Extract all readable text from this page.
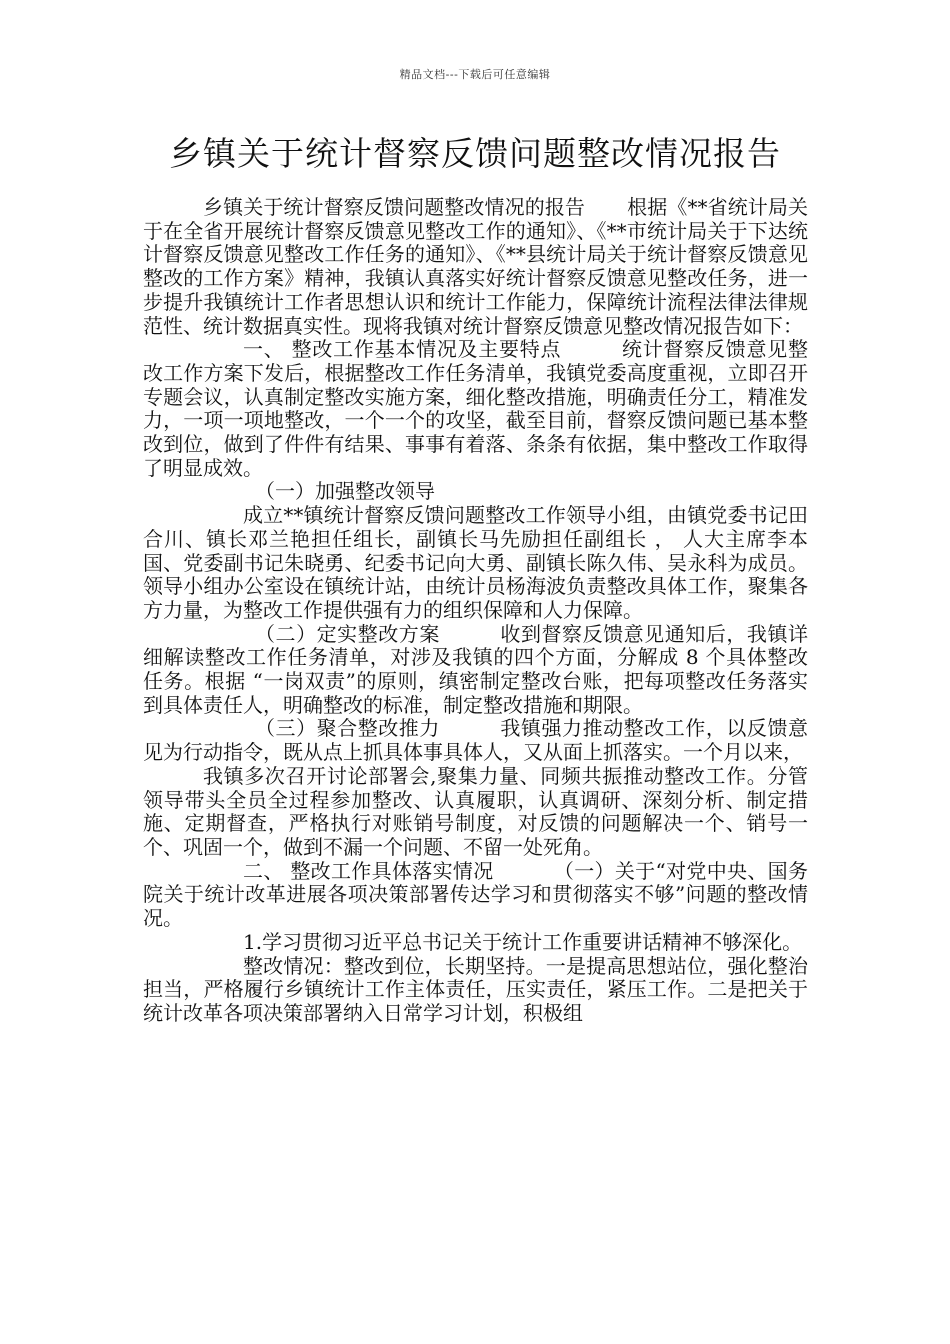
精品文档---下载后可任意编辑
乡镇关于统计督察反馈问题整改情况报告

乡镇关于统计督察反馈问题整改情况的报告 根据《**省统计局关于在全省开展统计督察反馈意见整改工作的通知》、《**市统计局关于下达统计督察反馈意见整改工作任务的通知》、《**县统计局关于统计督察反馈意见整改的工作方案》精神，我镇认真落实好统计督察反馈意见整改任务，进一步提升我镇统计工作者思想认识和统计工作能力，保障统计流程法律法律规范性、统计数据真实性。现将我镇对统计督察反馈意见整改情况报告如下：

一、 整改工作基本情况及主要特点	统计督察反馈意见整改工作方案下发后，根据整改工作任务清单，我镇党委高度重视，立即召开专题会议，认真制定整改实施方案，细化整改措施，明确责任分工，精准发力，一项一项地整改，一个一个的攻坚，截至目前，督察反馈问题已基本整改到位，做到了件件有结果、事事有着落、条条有依据，集中整改工作取得了明显成效。

（一）加强整改领导

成立**镇统计督察反馈问题整改工作领导小组，由镇党委书记田合川、镇长邓兰艳担任组长，副镇长马先励担任副组长 ， 人大主席李本国、党委副书记朱晓勇、纪委书记向大勇、副镇长陈久伟、吴永科为成员。领导小组办公室设在镇统计站，由统计员杨海波负责整改具体工作，聚集各方力量，为整改工作提供强有力的组织保障和人力保障。

（二）定实整改方案	收到督察反馈意见通知后，我镇详细解读整改工作任务清单，对涉及我镇的四个方面，分解成 8 个具体整改任务。根据 “一岗双责”的原则，缜密制定整改台账，把每项整改任务落实到具体责任人，明确整改的标准，制定整改措施和期限。

（三）聚合整改推力	我镇强力推动整改工作，以反馈意见为行动指令，既从点上抓具体事具体人，又从面上抓落实。一个月以来，

我镇多次召开讨论部署会,聚集力量、同频共振推动整改工作。分管领导带头全员全过程参加整改、认真履职，认真调研、深刻分析、制定措施、定期督查，严格执行对账销号制度，对反馈的问题解决一个、销号一个、巩固一个，做到不漏一个问题、不留一处死角。

二、 整改工作具体落实情况	（一）关于“对党中央、国务院关于统计改革进展各项决策部署传达学习和贯彻落实不够”问题的整改情况。

1.学习贯彻习近平总书记关于统计工作重要讲话精神不够深化。

整改情况：整改到位，长期坚持。一是提高思想站位，强化整治担当，严格履行乡镇统计工作主体责任，压实责任，紧压工作。二是把关于统计改革各项决策部署纳入日常学习计划，积极组
